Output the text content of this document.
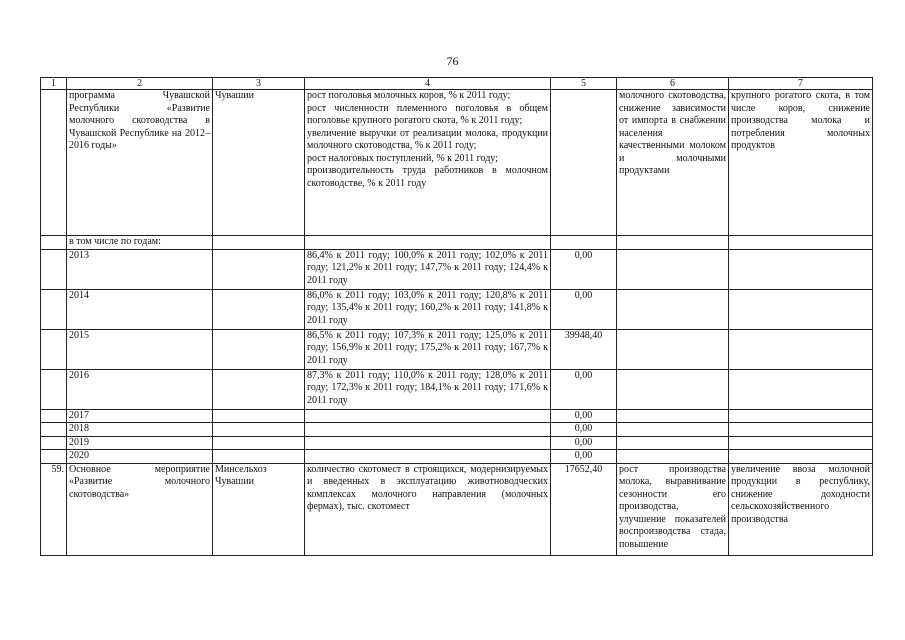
76
1	2	3	4	5	6	7
	программа Чувашской Республики «Развитие молочного скотоводства в Чувашской Республике на 2012–2016 годы»	Чувашии	рост поголовья молочных коров, % к 2011 году;
рост численности племенного поголовья в общем поголовье крупного рогатого скота, % к 2011 году;
увеличение выручки от реализации молока, продукции молочного скотоводства, % к 2011 году;
рост налоговых поступлений, % к 2011 году;
производительность труда работников в молочном скотоводстве, % к 2011 году		молочного скотоводства, снижение зависимости от импорта в снабжении населения качественными молоком и молочными продуктами	крупного рогатого скота, в том числе коров, снижение производства молока и потребления молочных продуктов
	в том числе по годам:					
	2013		86,4% к 2011 году; 100,0% к 2011 году; 102,0% к 2011 году; 121,2% к 2011 году; 147,7% к 2011 году; 124,4% к 2011 году	0,00		
	2014		86,0% к 2011 году; 103,0% к 2011 году; 120,8% к 2011 году; 135,4% к 2011 году; 160,2% к 2011 году; 141,8% к 2011 году	0,00		
	2015		86,5% к 2011 году; 107,3% к 2011 году; 125,0% к 2011 году; 156,9% к 2011 году; 175,2% к 2011 году; 167,7% к 2011 году	39948,40		
	2016		87,3% к 2011 году; 110,0% к 2011 году; 128,0% к 2011 году; 172,3% к 2011 году; 184,1% к 2011 году; 171,6% к 2011 году	0,00		
	2017			0,00		
	2018			0,00		
	2019			0,00		
	2020			0,00		
59.	Основное мероприятие «Развитие молочного скотоводства»	Минсельхоз Чувашии	количество скотомест в строящихся, модернизируемых и введенных в эксплуатацию животноводческих комплексах молочного направления (молочных фермах), тыс. скотомест	17652,40	рост производства молока, выравнивание сезонности его производства, улучшение показателей воспроизводства стада, повышение	увеличение ввоза молочной продукции в республику, снижение доходности сельскохозяйственного производства
